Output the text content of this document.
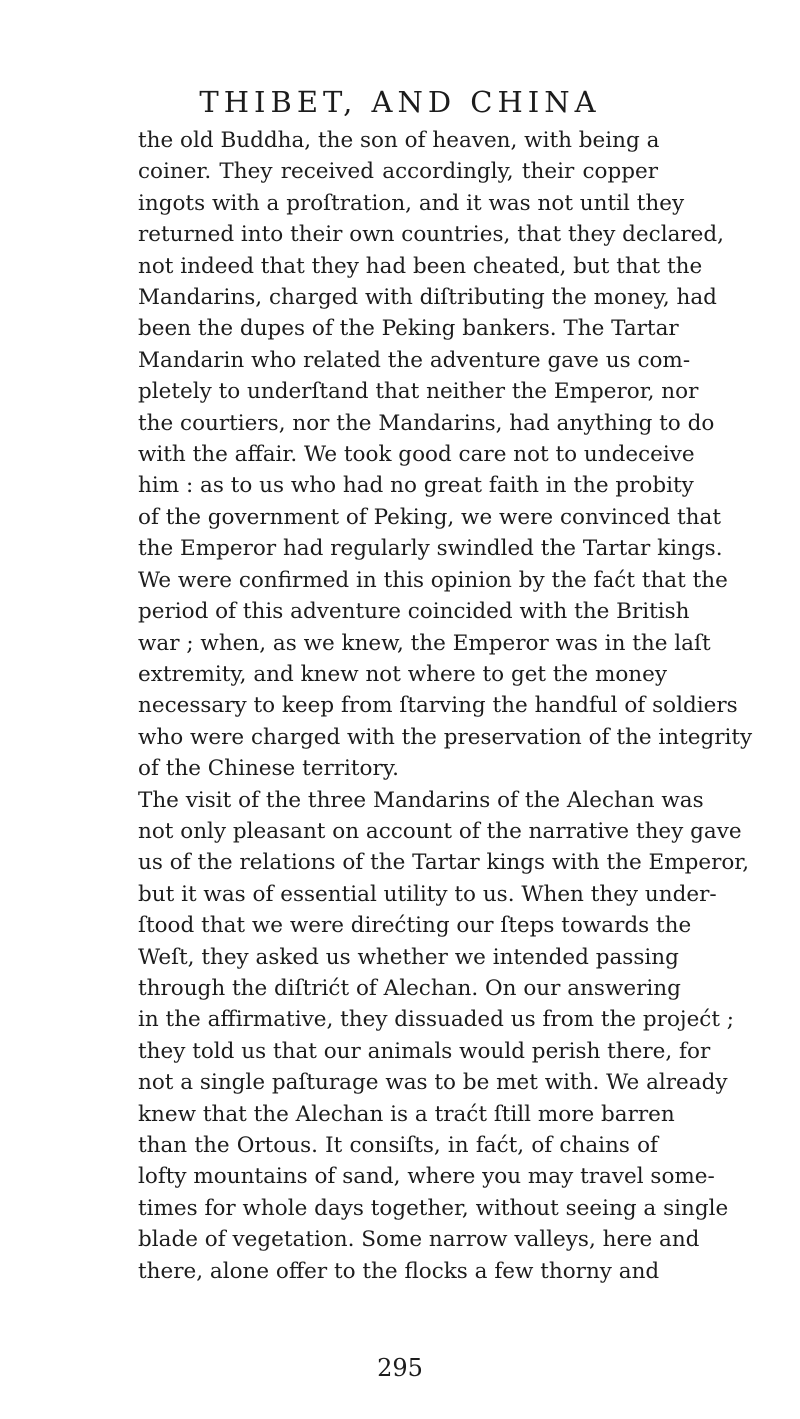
THIBET, AND CHINA
the old Buddha, the son of heaven, with being a
coiner. They received accordingly, their copper
ingots with a proſtration, and it was not until they
returned into their own countries, that they declared,
not indeed that they had been cheated, but that the
Mandarins, charged with diſtributing the money, had
been the dupes of the Peking bankers. The Tartar
Mandarin who related the adventure gave us com-
pletely to underſtand that neither the Emperor, nor
the courtiers, nor the Mandarins, had anything to do
with the affair. We took good care not to undeceive
him : as to us who had no great faith in the probity
of the government of Peking, we were convinced that
the Emperor had regularly swindled the Tartar kings.
We were confirmed in this opinion by the faćt that the
period of this adventure coincided with the British
war ; when, as we knew, the Emperor was in the laſt
extremity, and knew not where to get the money
necessary to keep from ſtarving the handful of soldiers
who were charged with the preservation of the integrity
of the Chinese territory.
The visit of the three Mandarins of the Alechan was
not only pleasant on account of the narrative they gave
us of the relations of the Tartar kings with the Emperor,
but it was of essential utility to us. When they under-
ſtood that we were direćting our ſteps towards the
Weſt, they asked us whether we intended passing
through the diſtrićt of Alechan. On our answering
in the affirmative, they dissuaded us from the projećt ;
they told us that our animals would perish there, for
not a single paſturage was to be met with. We already
knew that the Alechan is a traćt ſtill more barren
than the Ortous. It consiſts, in faćt, of chains of
lofty mountains of sand, where you may travel some-
times for whole days together, without seeing a single
blade of vegetation. Some narrow valleys, here and
there, alone offer to the flocks a few thorny and
295
